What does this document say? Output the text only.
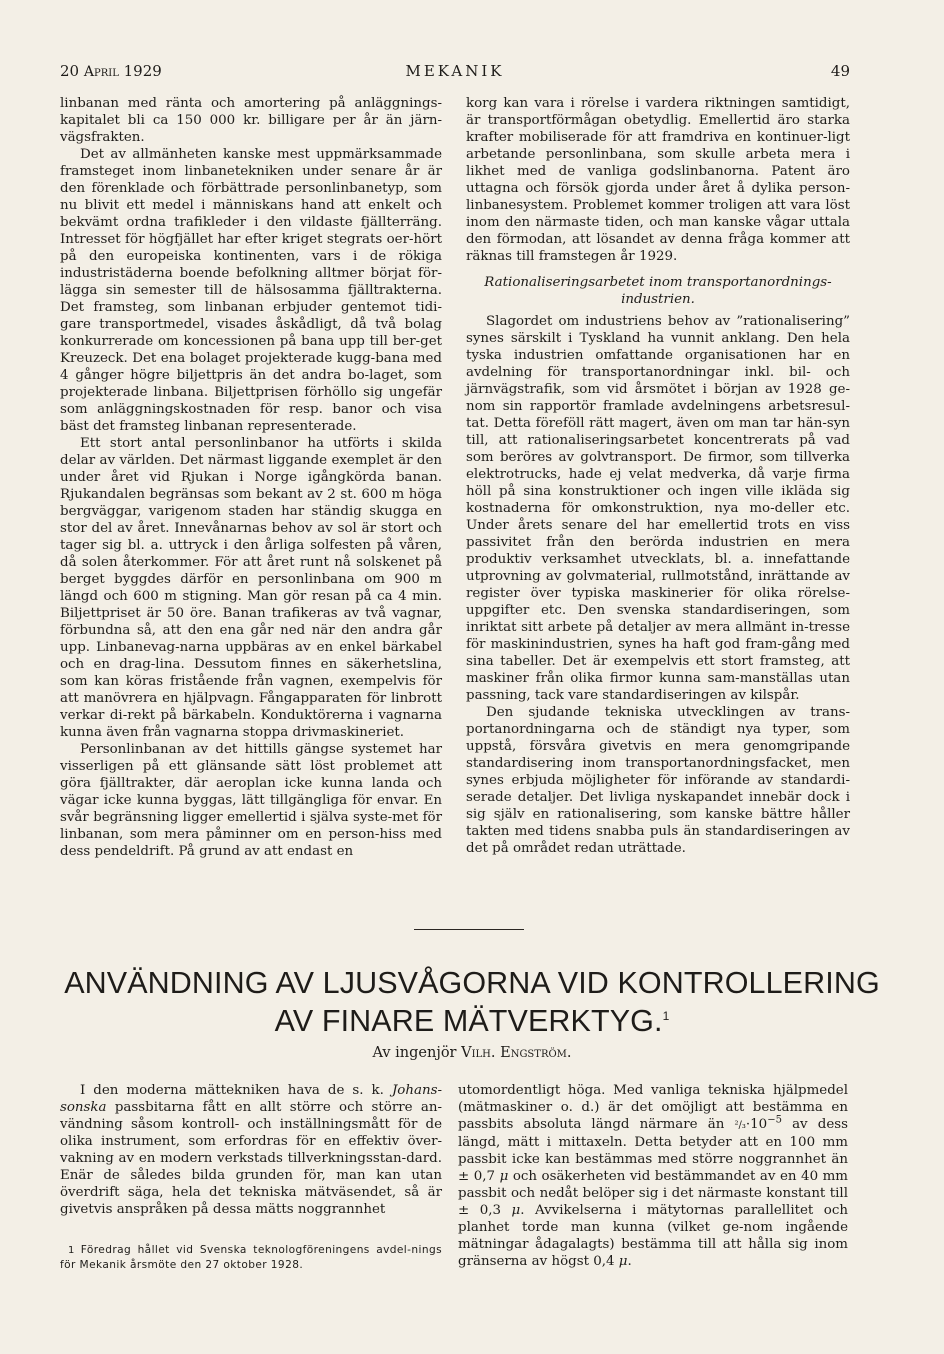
20 April 1929	MEKANIK	49

linbanan med ränta och amortering på anläggnings-kapitalet bli ca 150 000 kr. billigare per år än järn-vägsfrakten.

Det av allmänheten kanske mest uppmärksammade framsteget inom linbanetekniken under senare år är den förenklade och förbättrade personlinbanetyp, som nu blivit ett medel i människans hand att enkelt och bekvämt ordna trafikleder i den vildaste fjällterräng. Intresset för högfjället har efter kriget stegrats oer-hört på den europeiska kontinenten, vars i de rökiga industristäderna boende befolkning alltmer börjat för-lägga sin semester till de hälsosamma fjälltrakterna. Det framsteg, som linbanan erbjuder gentemot tidi-gare transportmedel, visades åskådligt, då två bolag konkurrerade om koncessionen på bana upp till ber-get Kreuzeck. Det ena bolaget projekterade kugg-bana med 4 gånger högre biljettpris än det andra bo-laget, som projekterade linbana. Biljettprisen förhöllo sig ungefär som anläggningskostnaden för resp. banor och visa bäst det framsteg linbanan representerade.

Ett stort antal personlinbanor ha utförts i skilda delar av världen. Det närmast liggande exemplet är den under året vid Rjukan i Norge igångkörda banan. Rjukandalen begränsas som bekant av 2 st. 600 m höga bergväggar, varigenom staden har ständig skugga en stor del av året. Innevånarnas behov av sol är stort och tager sig bl. a. uttryck i den årliga solfesten på våren, då solen återkommer. För att året runt nå solskenet på berget byggdes därför en personlinbana om 900 m längd och 600 m stigning. Man gör resan på ca 4 min. Biljettpriset är 50 öre. Banan trafikeras av två vagnar, förbundna så, att den ena går ned när den andra går upp. Linbanevag-narna uppbäras av en enkel bärkabel och en drag-lina. Dessutom finnes en säkerhetslina, som kan köras fristående från vagnen, exempelvis för att manövrera en hjälpvagn. Fångapparaten för linbrott verkar di-rekt på bärkabeln. Konduktörerna i vagnarna kunna även från vagnarna stoppa drivmaskineriet.

Personlinbanan av det hittills gängse systemet har visserligen på ett glänsande sätt löst problemet att göra fjälltrakter, där aeroplan icke kunna landa och vägar icke kunna byggas, lätt tillgängliga för envar. En svår begränsning ligger emellertid i själva syste-met för linbanan, som mera påminner om en person-hiss med dess pendeldrift. På grund av att endast en

korg kan vara i rörelse i vardera riktningen samtidigt, är transportförmågan obetydlig. Emellertid äro starka krafter mobiliserade för att framdriva en kontinuer-ligt arbetande personlinbana, som skulle arbeta mera i likhet med de vanliga godslinbanorna. Patent äro uttagna och försök gjorda under året å dylika person-linbanesystem. Problemet kommer troligen att vara löst inom den närmaste tiden, och man kanske vågar uttala den förmodan, att lösandet av denna fråga kommer att räknas till framstegen år 1929.

Rationaliseringsarbetet inom transportanordnings-
industrien.

Slagordet om industriens behov av ”rationalisering” synes särskilt i Tyskland ha vunnit anklang. Den hela tyska industrien omfattande organisationen har en avdelning för transportanordningar inkl. bil- och järnvägstrafik, som vid årsmötet i början av 1928 ge-nom sin rapportör framlade avdelningens arbetsresul-tat. Detta föreföll rätt magert, även om man tar hän-syn till, att rationaliseringsarbetet koncentrerats på vad som beröres av golvtransport. De firmor, som tillverka elektrotrucks, hade ej velat medverka, då varje firma höll på sina konstruktioner och ingen ville ikläda sig kostnaderna för omkonstruktion, nya mo-deller etc. Under årets senare del har emellertid trots en viss passivitet från den berörda industrien en mera produktiv verksamhet utvecklats, bl. a. innefattande utprovning av golvmaterial, rullmotstånd, inrättande av register över typiska maskinerier för olika rörelse-uppgifter etc. Den svenska standardiseringen, som inriktat sitt arbete på detaljer av mera allmänt in-tresse för maskinindustrien, synes ha haft god fram-gång med sina tabeller. Det är exempelvis ett stort framsteg, att maskiner från olika firmor kunna sam-manställas utan passning, tack vare standardiseringen av kilspår.

Den sjudande tekniska utvecklingen av trans-portanordningarna och de ständigt nya typer, som uppstå, försvåra givetvis en mera genomgripande standardisering inom transportanordningsfacket, men synes erbjuda möjligheter för införande av standardi-serade detaljer. Det livliga nyskapandet innebär dock i sig själv en rationalisering, som kanske bättre håller takten med tidens snabba puls än standardiseringen av det på området redan uträttade.

ANVÄNDNING AV LJUSVÅGORNA VID KONTROLLERING
AV FINARE MÄTVERKTYG.$^1$
Av ingenjör Vilh. Engström.

I den moderna mättekniken hava de s. k. Johans-sonska passbitarna fått en allt större och större an-vändning såsom kontroll- och inställningsmått för de olika instrument, som erfordras för en effektiv över-vakning av en modern verkstads tillverkningsstan-dard. Enär de således bilda grunden för, man kan utan överdrift säga, hela det tekniska mätväsendet, så är givetvis anspråken på dessa mätts noggrannhet

utomordentligt höga. Med vanliga tekniska hjälpmedel (mätmaskiner o. d.) är det omöjligt att bestämma en passbits absoluta längd närmare än $^2/_3\cdot 10^{-5}$ av dess längd, mätt i mittaxeln. Detta betyder att en 100 mm passbit icke kan bestämmas med större noggrannhet än ± 0,7 μ och osäkerheten vid bestämmandet av en 40 mm passbit och nedåt belöper sig i det närmaste konstant till ± 0,3 μ. Avvikelserna i mätytornas parallellitet och planhet torde man kunna (vilket ge-nom ingående mätningar ådagalagts) bestämma till att hålla sig inom gränserna av högst 0,4 μ.

1 Föredrag hållet vid Svenska teknologföreningens avdel-nings för Mekanik årsmöte den 27 oktober 1928.
